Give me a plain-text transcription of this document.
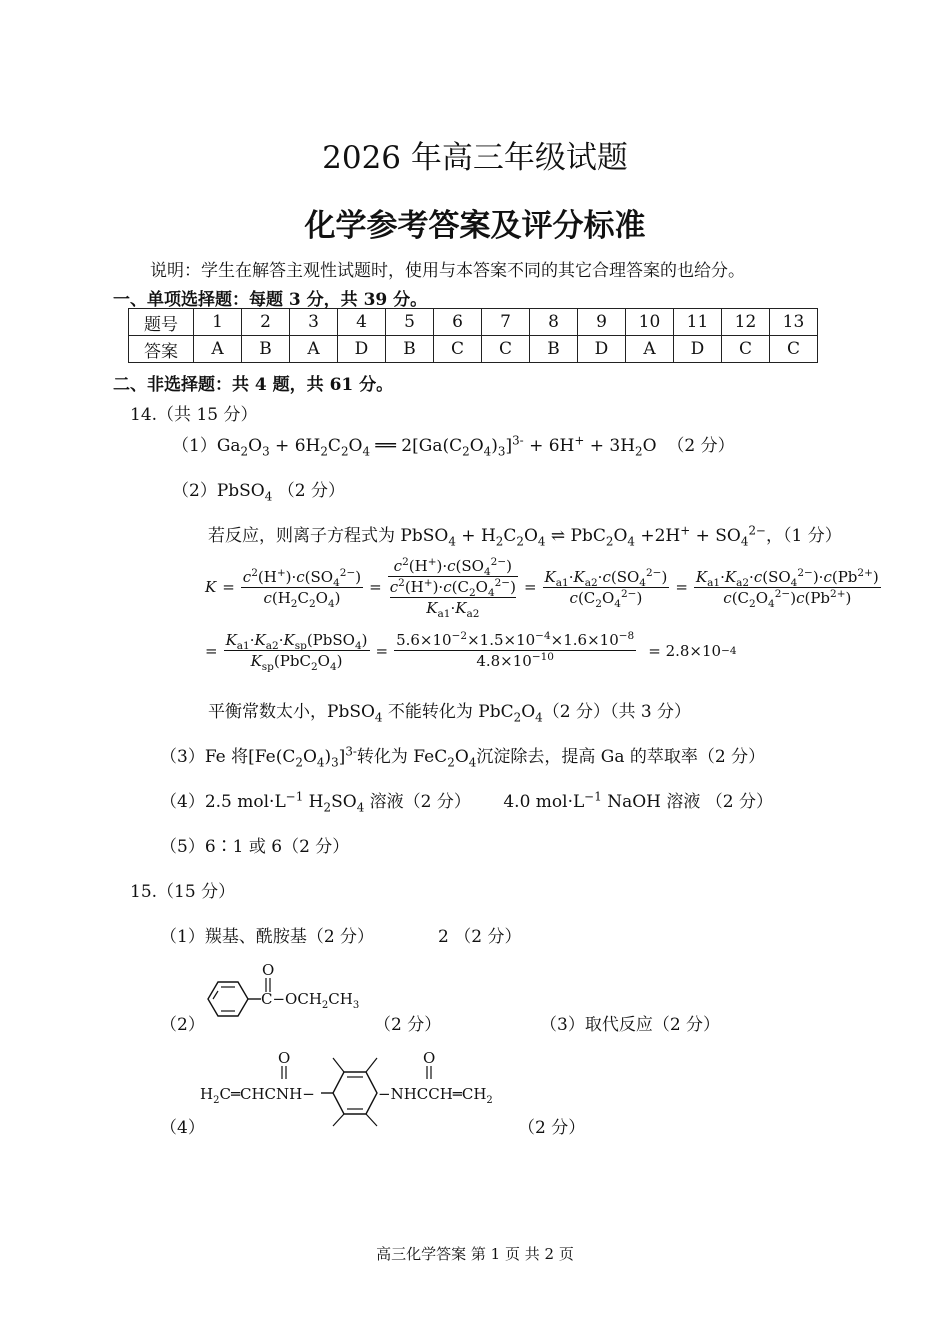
2026 年高三年级试题
化学参考答案及评分标准
说明：学生在解答主观性试题时，使用与本答案不同的其它合理答案的也给分。
一、单项选择题：每题 3 分，共 39 分。
题号	1	2	3	4	5	6	7	8	9	10	11	12	13
答案	A	B	A	D	B	C	C	B	D	A	D	C	C
二、非选择题：共 4 题，共 61 分。
14.（共 15 分）
$(1)Ga_2O_3 + 6H_2C_2O_4$ ══ $2[Ga(C_2O_4)_3]^{3-} + 6H^+ + 3H_2O$  （2 分）
（2）PbSO$_4$ （2 分）
若反应，则离子方程式为 PbSO$_4$ + $H_2C_2O_4$ ⇌ $PbC_2O_4 +2H^+ + SO_4^{2-}$，（1 分）
$K = \frac{c^2(H^+)\cdot c(SO_4^{2-})}{c(H_2C_2O_4)} = c^2(H^+)\cdot c(SO_4^{2-})$
$c^2(H^+)\cdot c(C_2O_4^{2-})$
$K_{a1}\cdot K_{a2} = \frac{K_{a1}\cdot K_{a2}\cdot c(SO_4^{2-})}{c(C_2O_4^{2-})} = \frac{K_{a1}\cdot K_{a2}\cdot c(SO_4^{2-})\cdot c(Pb^{2+})}{c(C_2O_4^{2-})c(Pb^{2+})}$
= $\frac{K_{a1}\cdot K_{a2}\cdot K_{sp}(PbSO_4)}{K_{sp}(PbC_2O_4)} = \frac{5.6\times 10^{-2}\times 1.5\times 10^{-4}\times 1.6\times 10^{-8}}{4.8\times 10^{-10}} = 2.8\times 10 -4$
平衡常数太小，PbSO$_4$ 不能转化为 $PbC_2O_4(2$ 分）（共 3 分）
（3）Fe 将$[Fe(C_2O_4)_3]^{3-}$转化为 $FeC_2O_4$沉淀除去，提高 Ga 的萃取率（2 分）
（4）2.5 $mol\cdot L^{-1}$ $H_2SO_4$ 溶液（2 分） 4.0 $mol\cdot L^{-1}$ NaOH 溶液 （2 分）
（5）6∶1 或 6（2 分）
15.（15 分）
（1）羰基、酰胺基（2 分）	2 （2 分）
（2）
O
$C-OCH_2CH_3$
（2 分）	（3）取代反应（2 分）
（4）
$H_2C═CHCNH-$
O
$-NHCCH═CH_2$
O
（2 分）
高三化学答案 第 1 页 共 2 页
